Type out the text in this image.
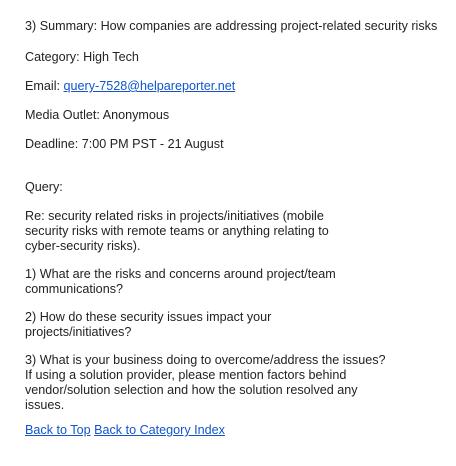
3) Summary: How companies are addressing project-related security risks
Category: High Tech
Email: query-7528@helpareporter.net
Media Outlet: Anonymous
Deadline: 7:00 PM PST - 21 August
Query:
Re: security related risks in projects/initiatives (mobile
security risks with remote teams or anything relating to
cyber-security risks).
1) What are the risks and concerns around project/team
communications?
2) How do these security issues impact your
projects/initiatives?
3) What is your business doing to overcome/address the issues?
If using a solution provider, please mention factors behind
vendor/solution selection and how the solution resolved any
issues.
Back to Top Back to Category Index
